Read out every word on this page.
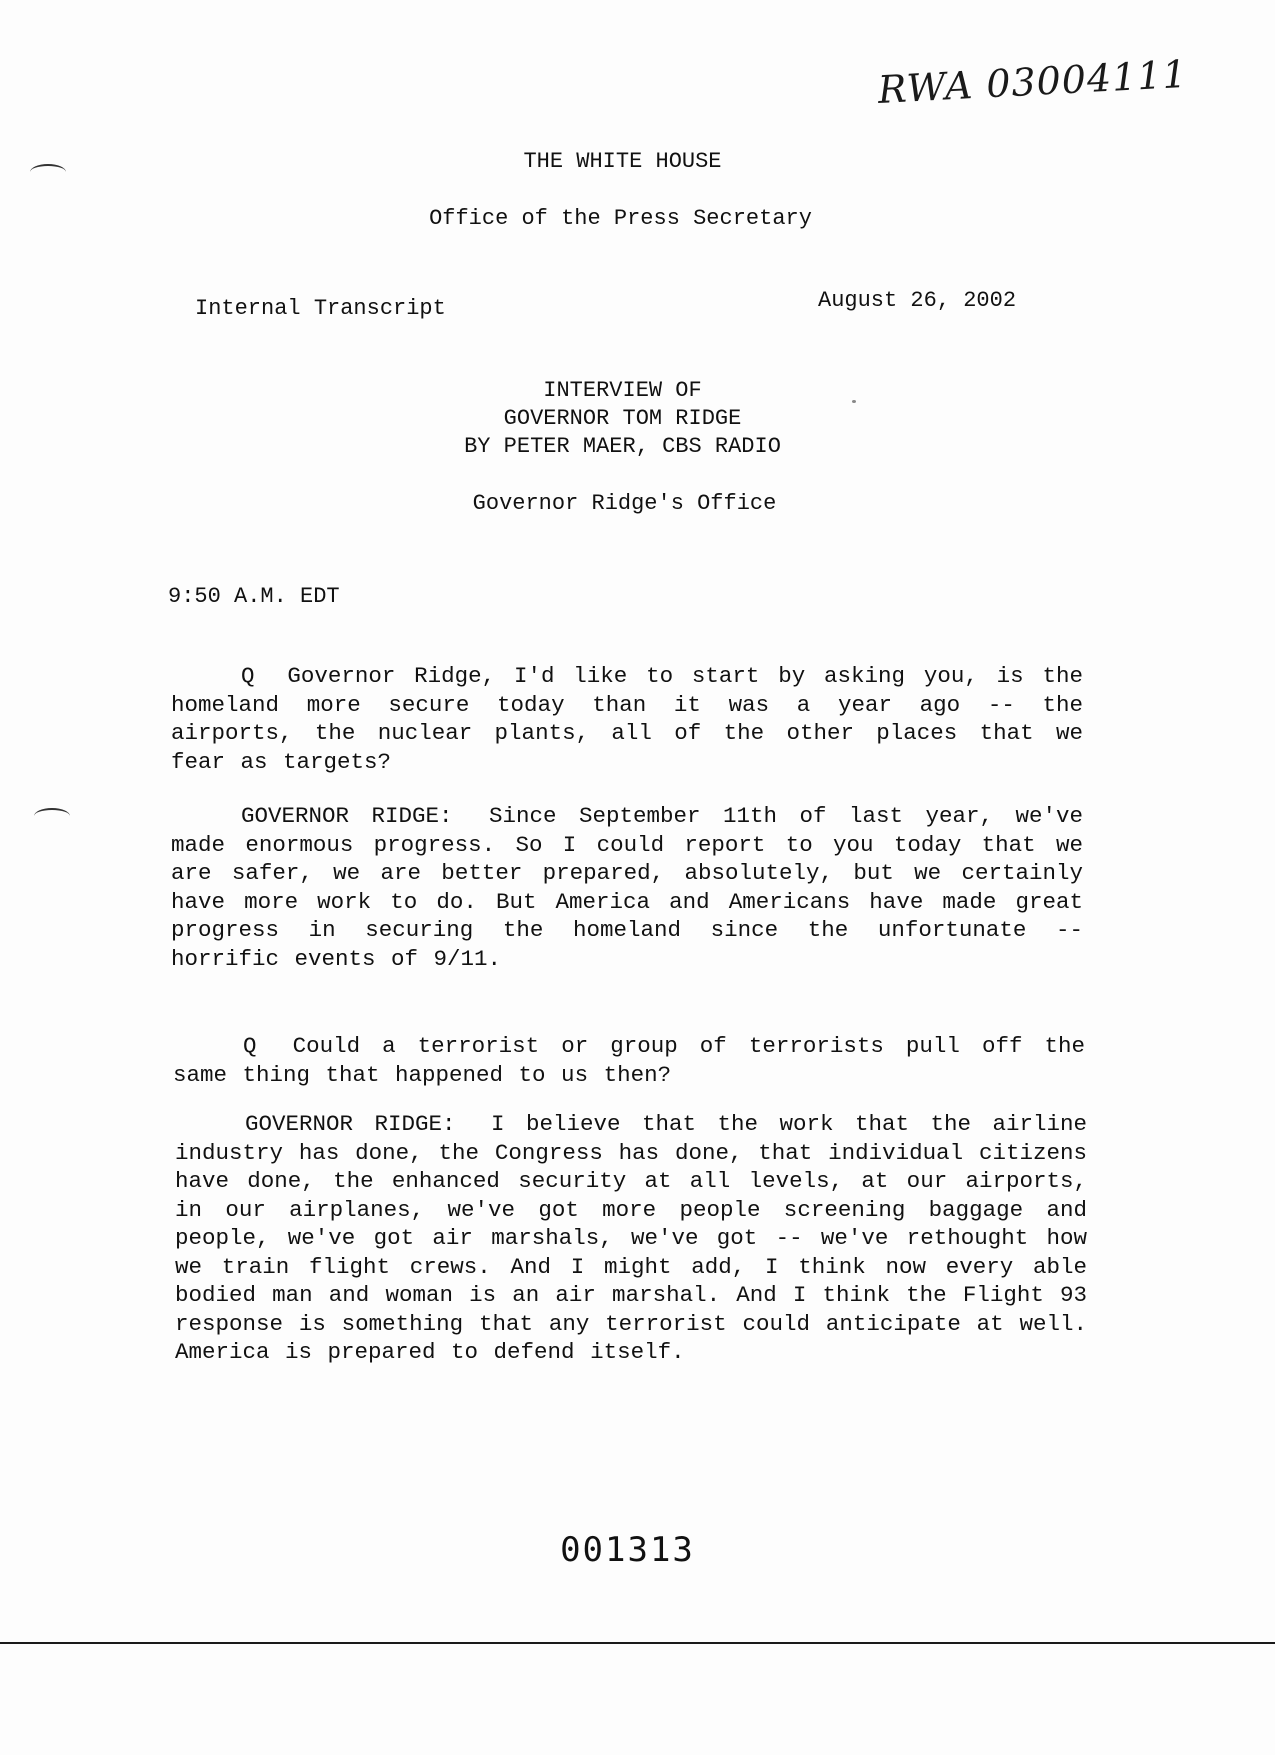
RWA 03004111
THE WHITE HOUSE
Office of the Press Secretary
Internal Transcript	August 26, 2002
INTERVIEW OF
GOVERNOR TOM RIDGE
BY PETER MAER, CBS RADIO
Governor Ridge's Office
9:50 A.M. EDT
Q Governor Ridge, I'd like to start by asking you, is the homeland more secure today than it was a year ago -- the airports, the nuclear plants, all of the other places that we fear as targets?
GOVERNOR RIDGE: Since September 11th of last year, we've made enormous progress. So I could report to you today that we are safer, we are better prepared, absolutely, but we certainly have more work to do. But America and Americans have made great progress in securing the homeland since the unfortunate -- horrific events of 9/11.
Q Could a terrorist or group of terrorists pull off the same thing that happened to us then?
GOVERNOR RIDGE: I believe that the work that the airline industry has done, the Congress has done, that individual citizens have done, the enhanced security at all levels, at our airports, in our airplanes, we've got more people screening baggage and people, we've got air marshals, we've got -- we've rethought how we train flight crews. And I might add, I think now every able bodied man and woman is an air marshal. And I think the Flight 93 response is something that any terrorist could anticipate at well. America is prepared to defend itself.
001313
